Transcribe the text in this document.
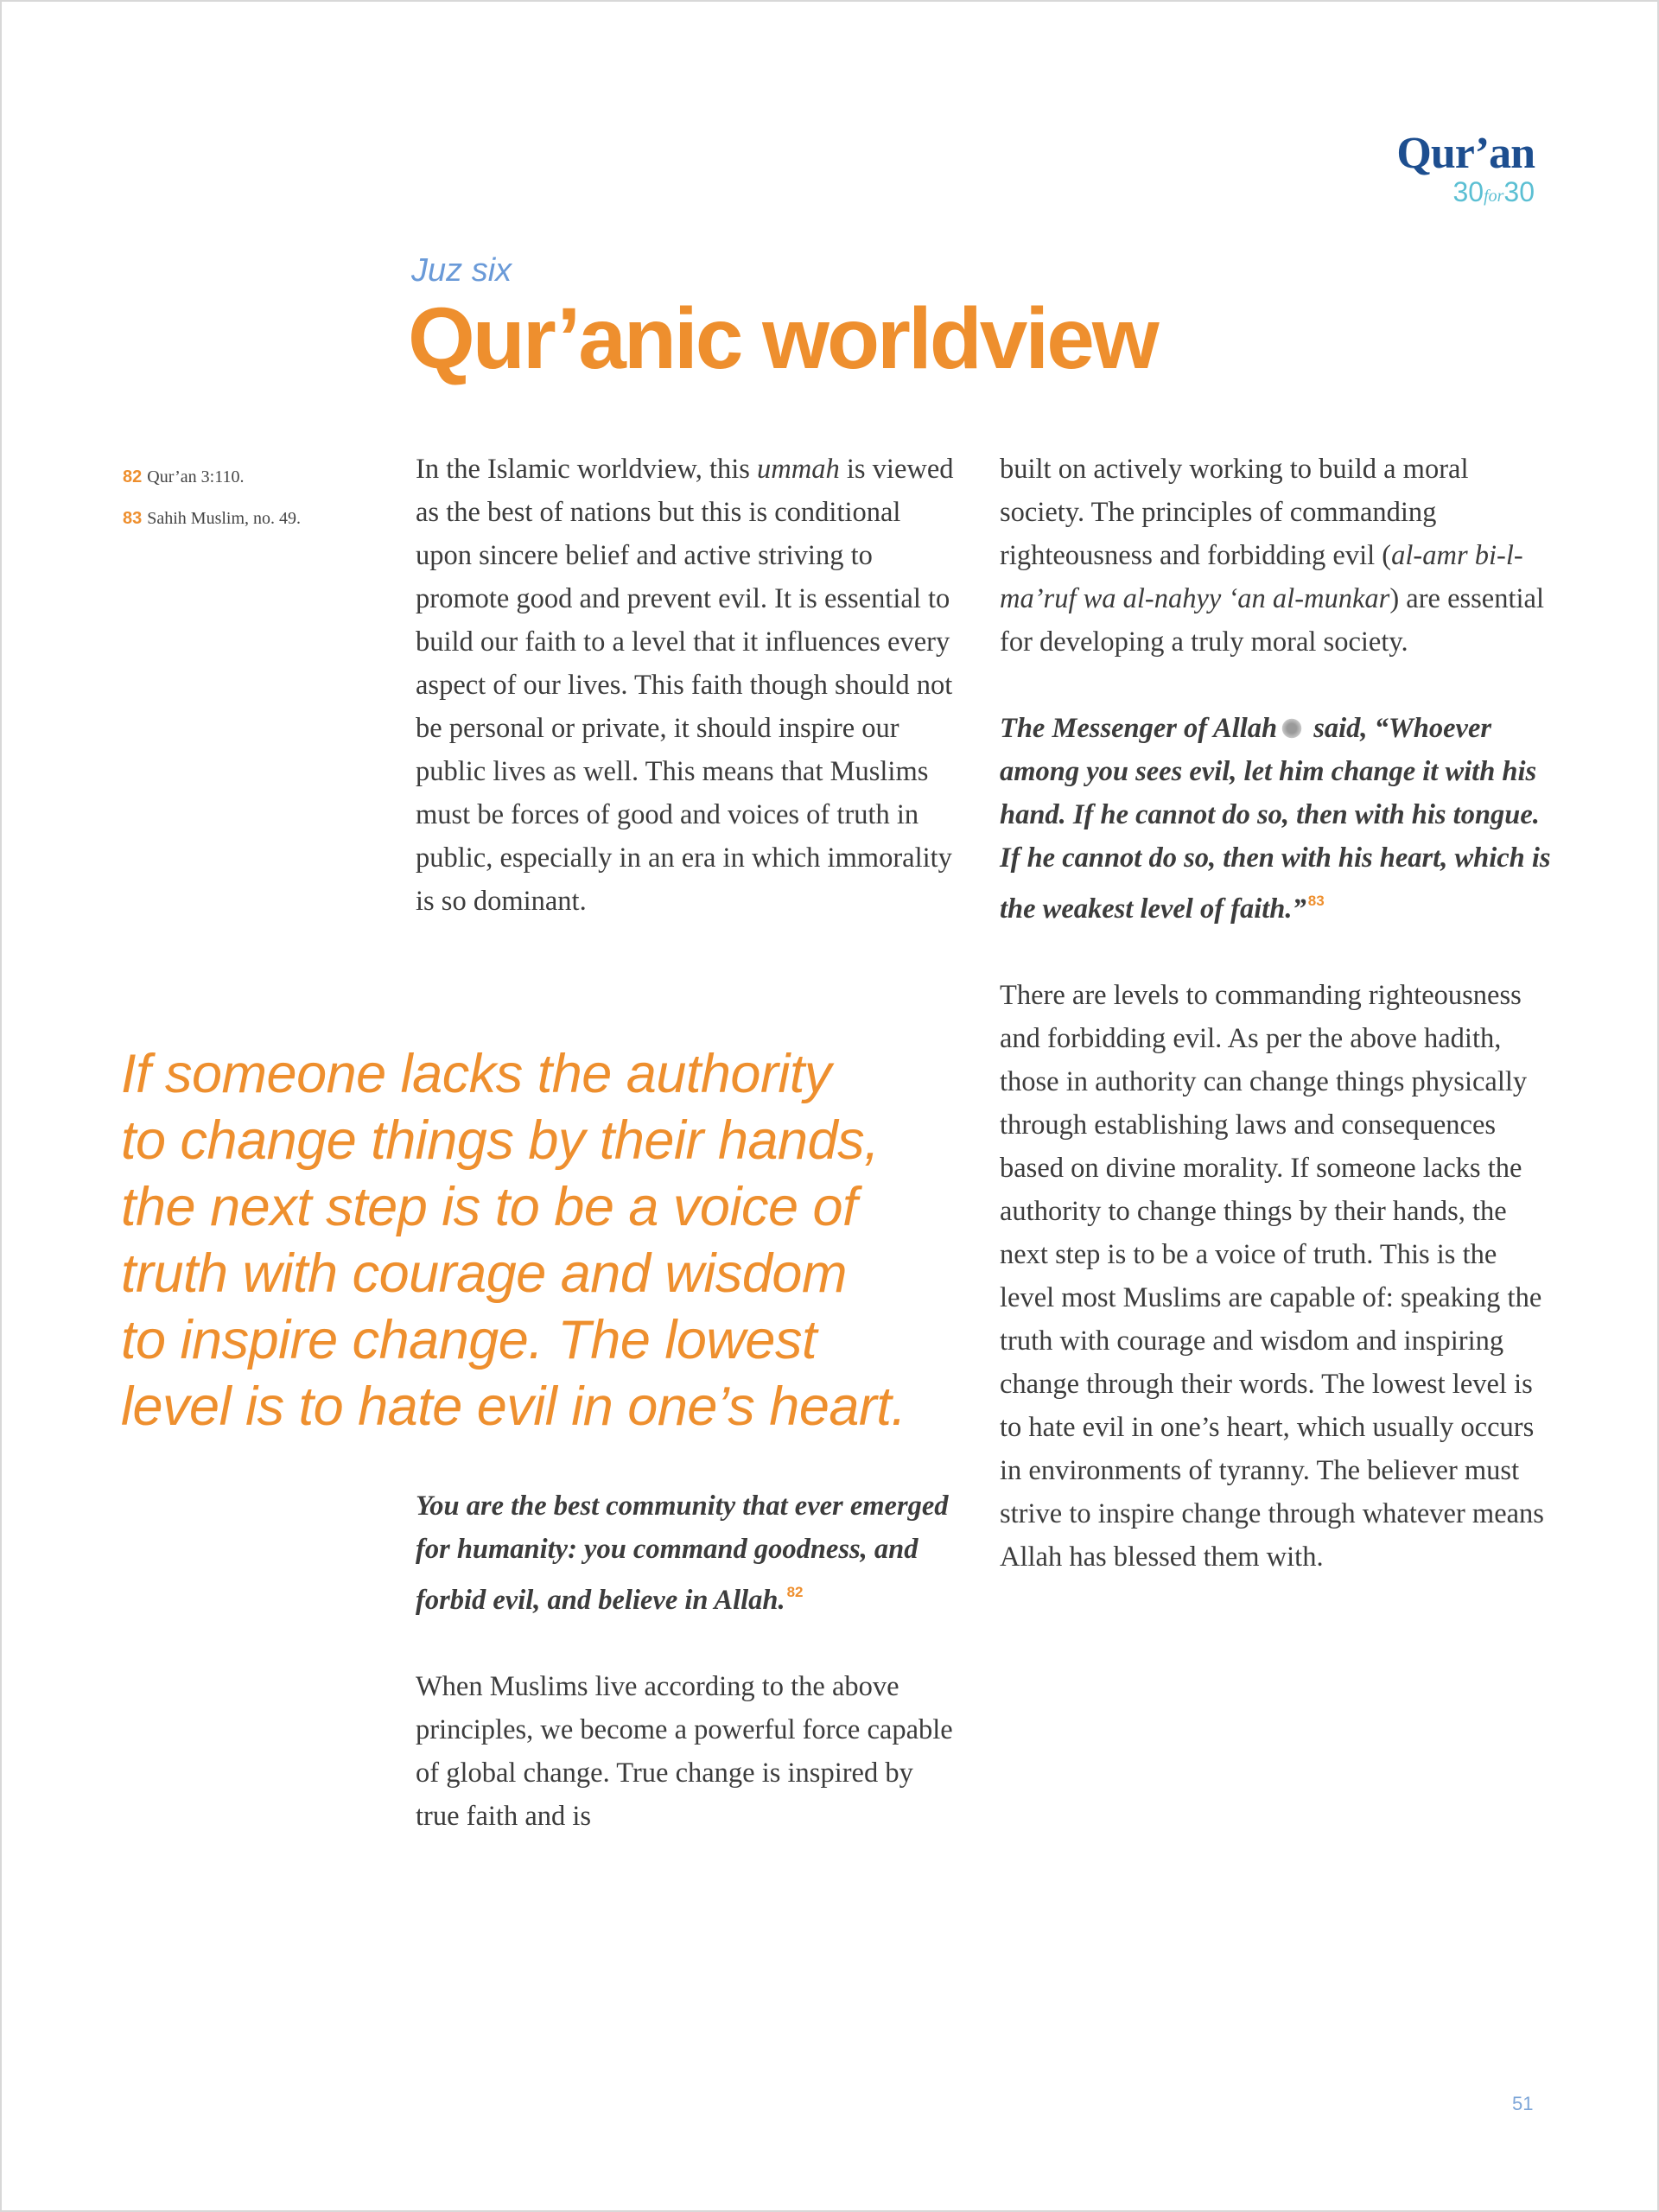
Qur’an
30for30
Juz six
Qur’anic worldview
82 Qur’an 3:110.
83 Sahih Muslim, no. 49.

In the Islamic worldview, this ummah is viewed as the best of nations but this is conditional upon sincere belief and active striving to promote good and prevent evil. It is essential to build our faith to a level that it influences every aspect of our lives. This faith though should not be personal or private, it should inspire our public lives as well. This means that Muslims must be forces of good and voices of truth in public, especially in an era in which immorality is so dominant.

If someone lacks the authority
to change things by their hands,
the next step is to be a voice of
truth with courage and wisdom
to inspire change. The lowest
level is to hate evil in one’s heart.

You are the best community that ever emerged for humanity: you command goodness, and forbid evil, and believe in Allah. $^{82}$

When Muslims live according to the above principles, we become a powerful force capable of global change. True change is inspired by true faith and is

built on actively working to build a moral society. The principles of commanding righteousness and forbidding evil (al-amr bi-l-ma’ruf wa al-nahyy ‘an al-munkar) are essential for developing a truly moral society.

The Messenger of Allah said, “Whoever among you sees evil, let him change it with his hand. If he cannot do so, then with his tongue. If he cannot do so, then with his heart, which is the weakest level of faith.” $^{83}$

There are levels to commanding righteousness and forbidding evil. As per the above hadith, those in authority can change things physically through establishing laws and consequences based on divine morality. If someone lacks the authority to change things by their hands, the next step is to be a voice of truth. This is the level most Muslims are capable of: speaking the truth with courage and wisdom and inspiring change through their words. The lowest level is to hate evil in one’s heart, which usually occurs in environments of tyranny. The believer must strive to inspire change through whatever means Allah has blessed them with.

51
